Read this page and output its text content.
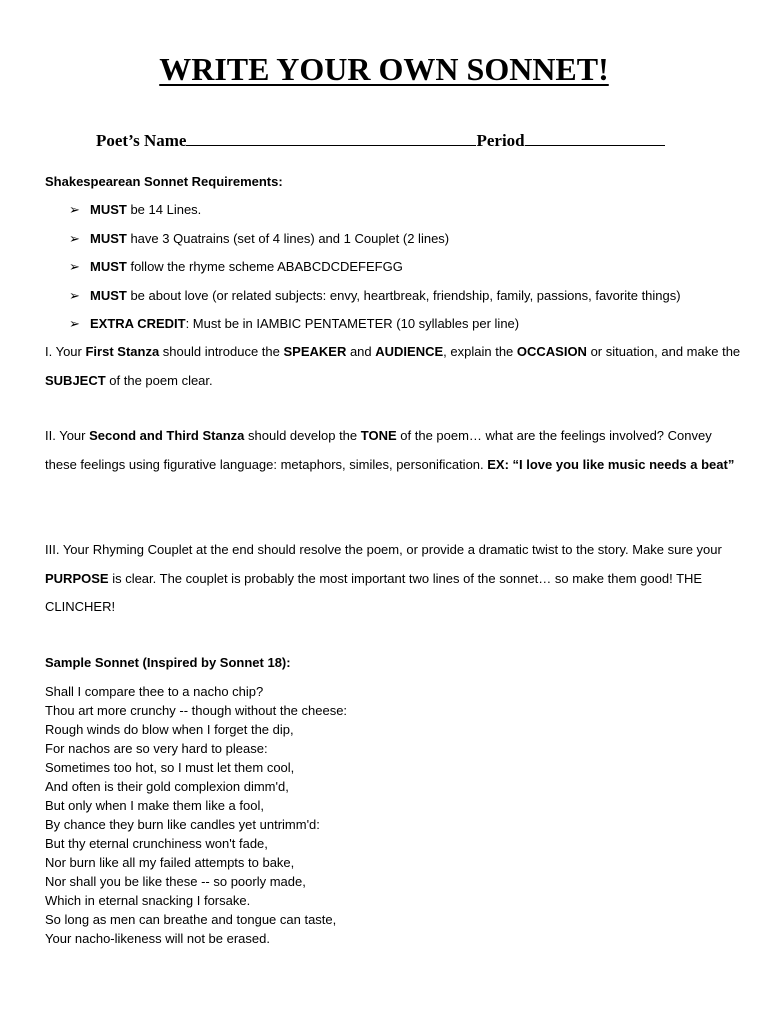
WRITE YOUR OWN SONNET!
Poet’s Name	Period
Shakespearean Sonnet Requirements:
➢ MUST be 14 Lines.
➢ MUST have 3 Quatrains (set of 4 lines) and 1 Couplet (2 lines)
➢ MUST follow the rhyme scheme ABABCDCDEFEFGG
➢ MUST be about love (or related subjects: envy, heartbreak, friendship, family, passions, favorite things)
➢ EXTRA CREDIT: Must be in IAMBIC PENTAMETER (10 syllables per line)
I. Your First Stanza should introduce the SPEAKER and AUDIENCE, explain the OCCASION or situation, and make the SUBJECT of the poem clear.
II. Your Second and Third Stanza should develop the TONE of the poem… what are the feelings involved? Convey these feelings using figurative language: metaphors, similes, personification. EX: “I love you like music needs a beat”
III. Your Rhyming Couplet at the end should resolve the poem, or provide a dramatic twist to the story. Make sure your PURPOSE is clear. The couplet is probably the most important two lines of the sonnet… so make them good! THE CLINCHER!
Sample Sonnet (Inspired by Sonnet 18):
Shall I compare thee to a nacho chip?
Thou art more crunchy -- though without the cheese:
Rough winds do blow when I forget the dip,
For nachos are so very hard to please:
Sometimes too hot, so I must let them cool,
And often is their gold complexion dimm'd,
But only when I make them like a fool,
By chance they burn like candles yet untrimm'd:
But thy eternal crunchiness won't fade,
Nor burn like all my failed attempts to bake,
Nor shall you be like these -- so poorly made,
Which in eternal snacking I forsake.
So long as men can breathe and tongue can taste,
Your nacho-likeness will not be erased.
